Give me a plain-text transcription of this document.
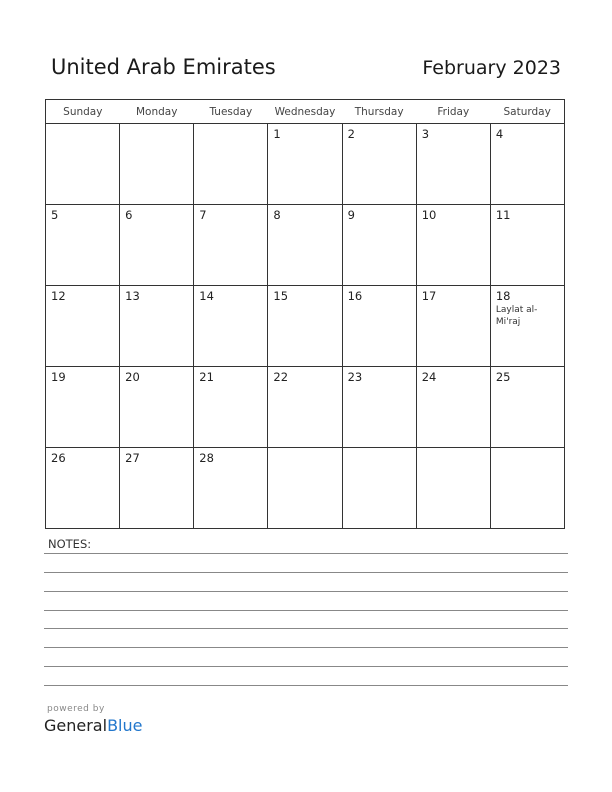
United Arab Emirates	February 2023
Sunday	Monday	Tuesday	Wednesday	Thursday	Friday	Saturday

			1	2	3	4

5	6	7	8	9	10	11

12	13	14	15	16	17	18
Laylat al-Mi'raj

19	20	21	22	23	24	25

26	27	28				

NOTES:
powered by
GeneralBlue
